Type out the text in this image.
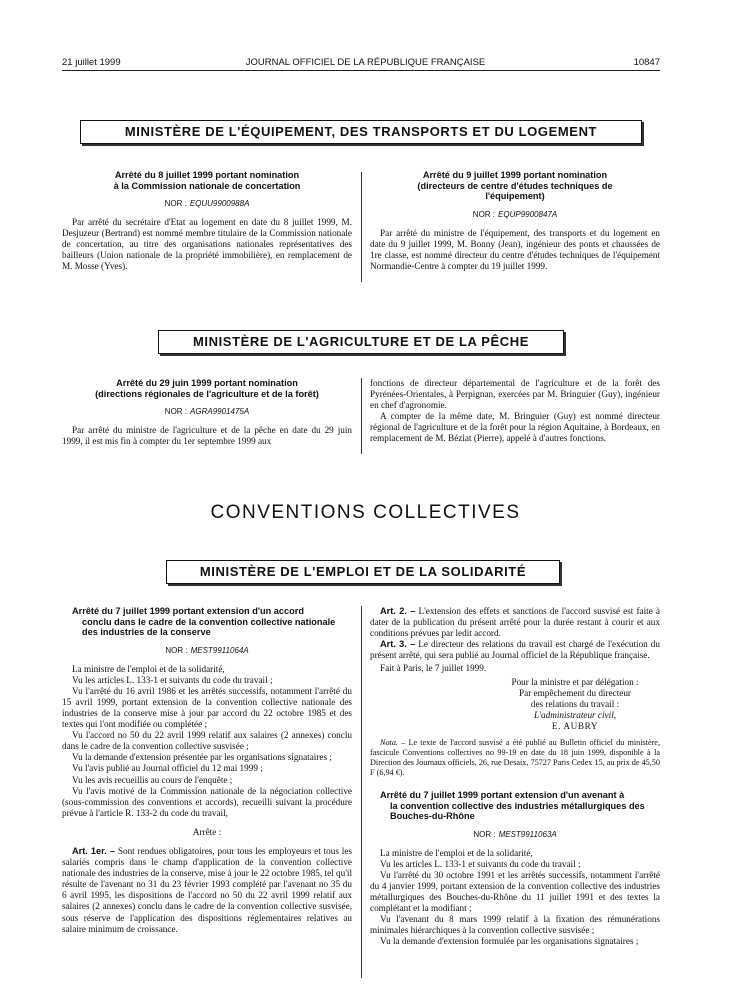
21 juillet 1999	JOURNAL OFFICIEL DE LA RÉPUBLIQUE FRANÇAISE	10847
MINISTÈRE DE L'ÉQUIPEMENT, DES TRANSPORTS ET DU LOGEMENT
Arrêté du 8 juillet 1999 portant nomination
à la Commission nationale de concertation
NOR : EQUU9900988A

Par arrêté du secrétaire d'Etat au logement en date du 8 juillet 1999, M. Desjuzeur (Bertrand) est nommé membre titulaire de la Commission nationale de concertation, au titre des organisations nationales représentatives des bailleurs (Union nationale de la propriété immobilière), en remplacement de M. Mosse (Yves).

Arrêté du 9 juillet 1999 portant nomination
(directeurs de centre d'études techniques de
l'équipement)
NOR : EQUP9900847A

Par arrêté du ministre de l'équipement, des transports et du logement en date du 9 juillet 1999, M. Bonny (Jean), ingénieur des ponts et chaussées de 1re classe, est nommé directeur du centre d'études techniques de l'équipement Normandie-Centre à compter du 19 juillet 1999.

MINISTÈRE DE L'AGRICULTURE ET DE LA PÊCHE
Arrêté du 29 juin 1999 portant nomination
(directions régionales de l'agriculture et de la forêt)
NOR : AGRA9901475A

Par arrêté du ministre de l'agriculture et de la pêche en date du 29 juin 1999, il est mis fin à compter du 1er septembre 1999 aux

fonctions de directeur départemental de l'agriculture et de la forêt des Pyrénées-Orientales, à Perpignan, exercées par M. Bringuier (Guy), ingénieur en chef d'agronomie.

A compter de la même date, M. Bringuier (Guy) est nommé directeur régional de l'agriculture et de la forêt pour la région Aquitaine, à Bordeaux, en remplacement de M. Béziat (Pierre), appelé à d'autres fonctions.

CONVENTIONS COLLECTIVES
MINISTÈRE DE L'EMPLOI ET DE LA SOLIDARITÉ
Arrêté du 7 juillet 1999 portant extension d'un accord
conclu dans le cadre de la convention collective nationale des industries de la conserve
NOR : MEST9911064A

La ministre de l'emploi et de la solidarité,

Vu les articles L. 133-1 et suivants du code du travail ;

Vu l'arrêté du 16 avril 1986 et les arrêtés successifs, notamment l'arrêté du 15 avril 1999, portant extension de la convention collective nationale des industries de la conserve mise à jour par accord du 22 octobre 1985 et des textes qui l'ont modifiée ou complétée ;

Vu l'accord no 50 du 22 avril 1999 relatif aux salaires (2 annexes) conclu dans le cadre de la convention collective susvisée ;

Vu la demande d'extension présentée par les organisations signataires ;

Vu l'avis publié au Journal officiel du 12 mai 1999 ;

Vu les avis recueillis au cours de l'enquête ;

Vu l'avis motivé de la Commission nationale de la négociation collective (sous-commission des conventions et accords), recueilli suivant la procédure prévue à l'article R. 133-2 du code du travail,

Arrête :

Art. 1er. – Sont rendues obligatoires, pour tous les employeurs et tous les salariés compris dans le champ d'application de la convention collective nationale des industries de la conserve, mise à jour le 22 octobre 1985, tel qu'il résulte de l'avenant no 31 du 23 février 1993 complété par l'avenant no 35 du 6 avril 1995, les dispositions de l'accord no 50 du 22 avril 1999 relatif aux salaires (2 annexes) conclu dans le cadre de la convention collective susvisée, sous réserve de l'application des dispositions réglementaires relatives au salaire minimum de croissance.

Art. 2. – L'extension des effets et sanctions de l'accord susvisé est faite à dater de la publication du présent arrêté pour la durée restant à courir et aux conditions prévues par ledit accord.

Art. 3. – Le directeur des relations du travail est chargé de l'exécution du présent arrêté, qui sera publié au Journal officiel de la République française.

Fait à Paris, le 7 juillet 1999.

Pour la ministre et par délégation :

Par empêchement du directeur

des relations du travail :

L'administrateur civil,

E. AUBRY

Nota. – Le texte de l'accord susvisé a été publié au Bulletin officiel du ministère, fascicule Conventions collectives no 99-19 en date du 18 juin 1999, disponible à la Direction des Journaux officiels, 26, rue Desaix, 75727 Paris Cedex 15, au prix de 45,50 F (6,94 €).

Arrêté du 7 juillet 1999 portant extension d'un avenant à
la convention collective des industries métallurgiques des Bouches-du-Rhône
NOR : MEST9911063A

La ministre de l'emploi et de la solidarité,

Vu les articles L. 133-1 et suivants du code du travail ;

Vu l'arrêté du 30 octobre 1991 et les arrêtés successifs, notamment l'arrêté du 4 janvier 1999, portant extension de la convention collective des industries métallurgiques des Bouches-du-Rhône du 11 juillet 1991 et des textes la complétant et la modifiant ;

Vu l'avenant du 8 mars 1999 relatif à la fixation des rémunérations minimales hiérarchiques à la convention collective susvisée ;

Vu la demande d'extension formulée par les organisations signataires ;
